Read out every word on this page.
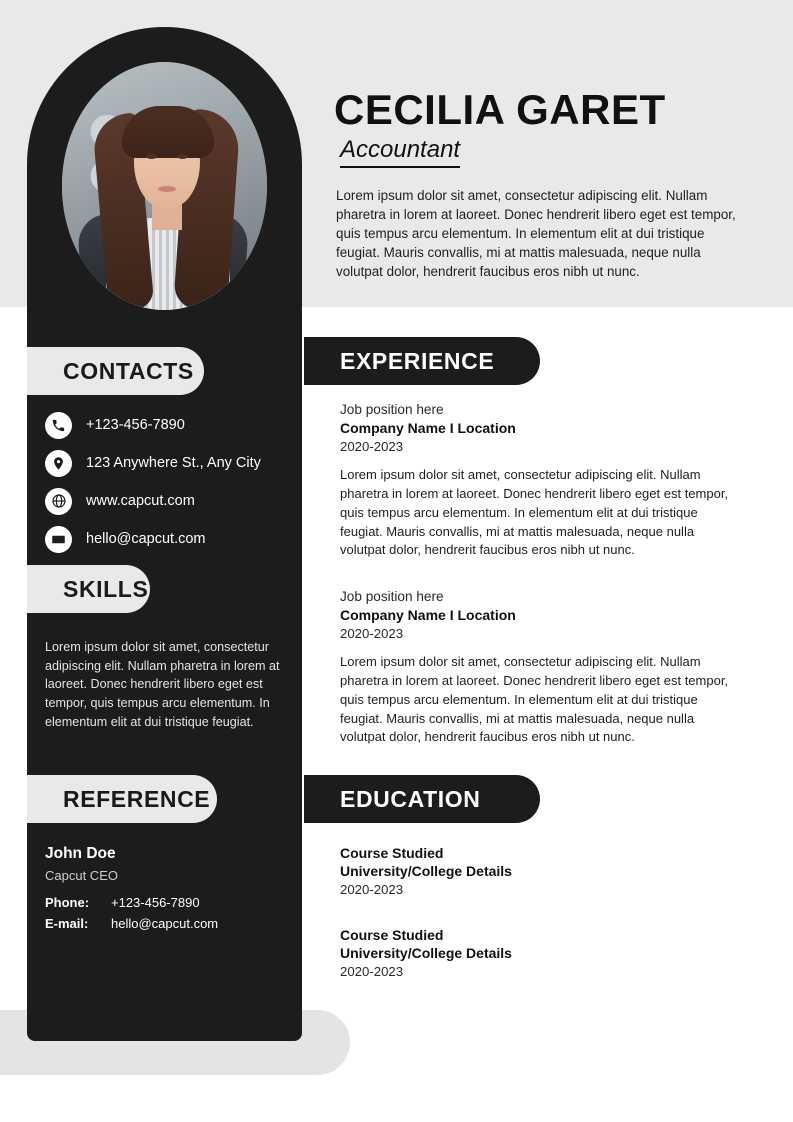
CONTACTS
+123-456-7890
123 Anywhere St., Any City
www.capcut.com
hello@capcut.com
SKILLS
Lorem ipsum dolor sit amet, consectetur adipiscing elit. Nullam pharetra in lorem at laoreet. Donec hendrerit libero eget est tempor, quis tempus arcu elementum. In elementum elit at dui tristique feugiat.
REFERENCE
John Doe
Capcut CEO
Phone:	+123-456-7890
E-mail:	hello@capcut.com
CECILIA GARET
Accountant
Lorem ipsum dolor sit amet, consectetur adipiscing elit. Nullam pharetra in lorem at laoreet. Donec hendrerit libero eget est tempor, quis tempus arcu elementum. In elementum elit at dui tristique feugiat. Mauris convallis, mi at mattis malesuada, neque nulla volutpat dolor, hendrerit faucibus eros nibh ut nunc.
EXPERIENCE
Job position here
Company Name I Location
2020-2023
Lorem ipsum dolor sit amet, consectetur adipiscing elit. Nullam pharetra in lorem at laoreet. Donec hendrerit libero eget est tempor, quis tempus arcu elementum. In elementum elit at dui tristique feugiat. Mauris convallis, mi at mattis malesuada, neque nulla volutpat dolor, hendrerit faucibus eros nibh ut nunc.
Job position here
Company Name I Location
2020-2023
Lorem ipsum dolor sit amet, consectetur adipiscing elit. Nullam pharetra in lorem at laoreet. Donec hendrerit libero eget est tempor, quis tempus arcu elementum. In elementum elit at dui tristique feugiat. Mauris convallis, mi at mattis malesuada, neque nulla volutpat dolor, hendrerit faucibus eros nibh ut nunc.
EDUCATION
Course Studied
University/College Details
2020-2023
Course Studied
University/College Details
2020-2023
